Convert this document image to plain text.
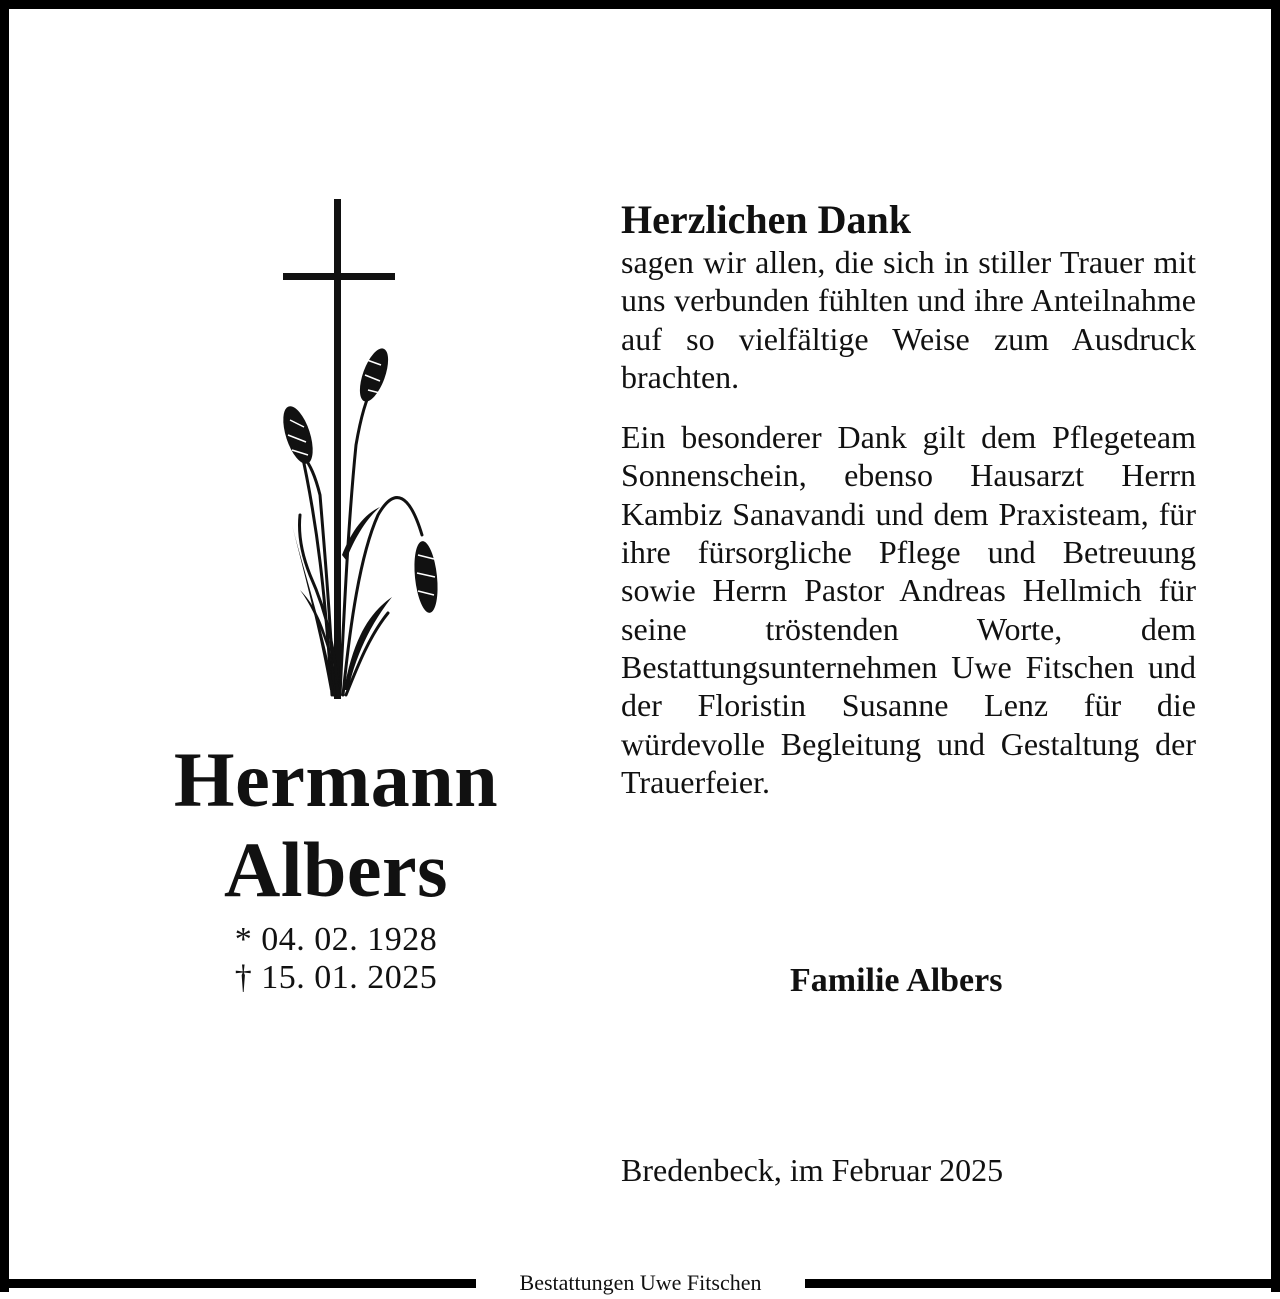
Bestattungen Uwe Fitschen
Hermann
Albers
* 04. 02. 1928
† 15. 01. 2025
Herzlichen Dank
sagen wir allen, die sich in stiller Trauer mit uns verbunden fühlten und ihre Anteilnahme auf so vielfältige Weise zum Ausdruck brachten.
Ein besonderer Dank gilt dem Pflegeteam Sonnenschein, ebenso Hausarzt Herrn Kambiz Sanavandi und dem Praxisteam, für ihre fürsorgliche Pflege und Betreuung sowie Herrn Pastor Andreas Hellmich für seine tröstenden Worte, dem Bestattungsunternehmen Uwe Fitschen und der Floristin Susanne Lenz für die würdevolle Begleitung und Gestaltung der Trauerfeier.
Familie Albers
Bredenbeck, im Februar 2025
